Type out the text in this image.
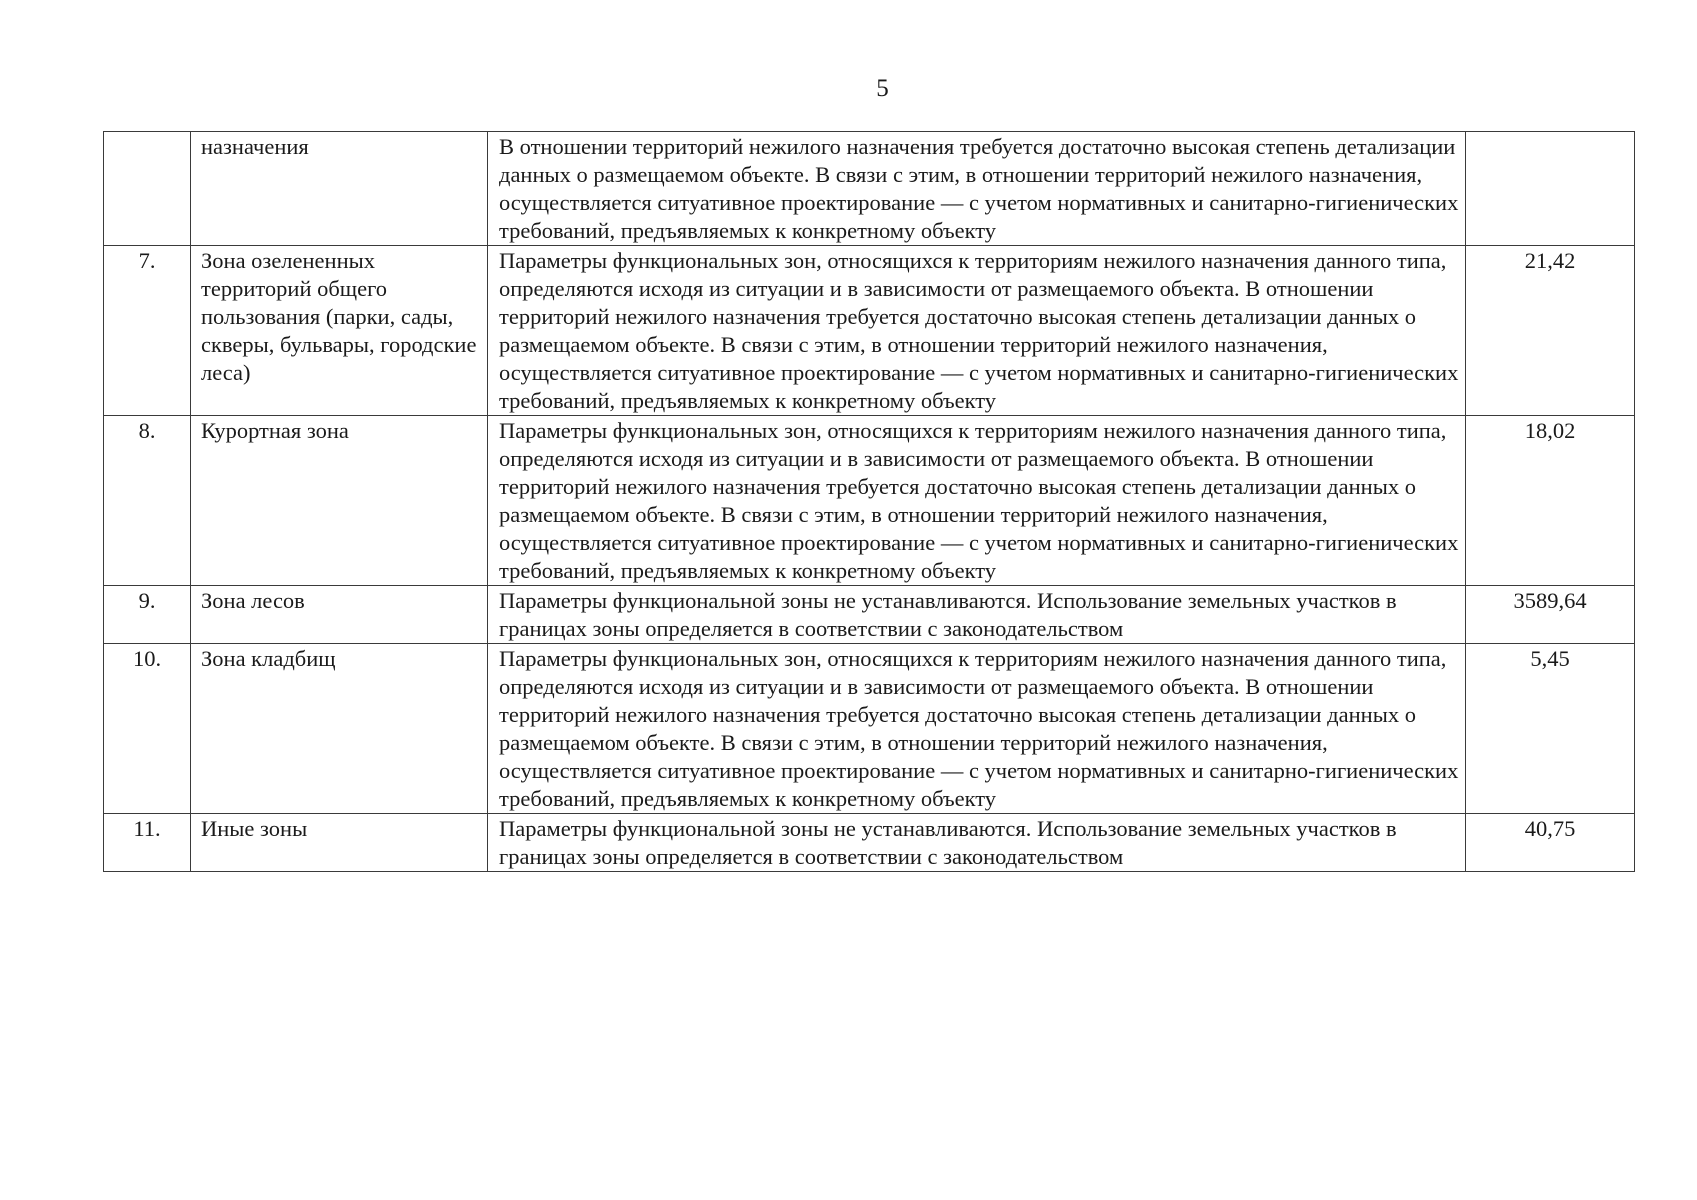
5
	назначения	В отношении территорий нежилого назначения требуется достаточно высокая степень детализации данных о размещаемом объекте. В связи с этим, в отношении территорий нежилого назначения, осуществляется ситуативное проектирование — с учетом нормативных и санитарно-гигиенических требований, предъявляемых к конкретному объекту	
7.	Зона озелененных территорий общего пользования (парки, сады, скверы, бульвары, городские леса)	Параметры функциональных зон, относящихся к территориям нежилого назначения данного типа, определяются исходя из ситуации и в зависимости от размещаемого объекта. В отношении территорий нежилого назначения требуется достаточно высокая степень детализации данных о размещаемом объекте. В связи с этим, в отношении территорий нежилого назначения, осуществляется ситуативное проектирование — с учетом нормативных и санитарно-гигиенических требований, предъявляемых к конкретному объекту	21,42
8.	Курортная зона	Параметры функциональных зон, относящихся к территориям нежилого назначения данного типа, определяются исходя из ситуации и в зависимости от размещаемого объекта. В отношении территорий нежилого назначения требуется достаточно высокая степень детализации данных о размещаемом объекте. В связи с этим, в отношении территорий нежилого назначения, осуществляется ситуативное проектирование — с учетом нормативных и санитарно-гигиенических требований, предъявляемых к конкретному объекту	18,02
9.	Зона лесов	Параметры функциональной зоны не устанавливаются. Использование земельных участков в границах зоны определяется в соответствии с законодательством	3589,64
10.	Зона кладбищ	Параметры функциональных зон, относящихся к территориям нежилого назначения данного типа, определяются исходя из ситуации и в зависимости от размещаемого объекта. В отношении территорий нежилого назначения требуется достаточно высокая степень детализации данных о размещаемом объекте. В связи с этим, в отношении территорий нежилого назначения, осуществляется ситуативное проектирование — с учетом нормативных и санитарно-гигиенических требований, предъявляемых к конкретному объекту	5,45
11.	Иные зоны	Параметры функциональной зоны не устанавливаются. Использование земельных участков в границах зоны определяется в соответствии с законодательством	40,75
